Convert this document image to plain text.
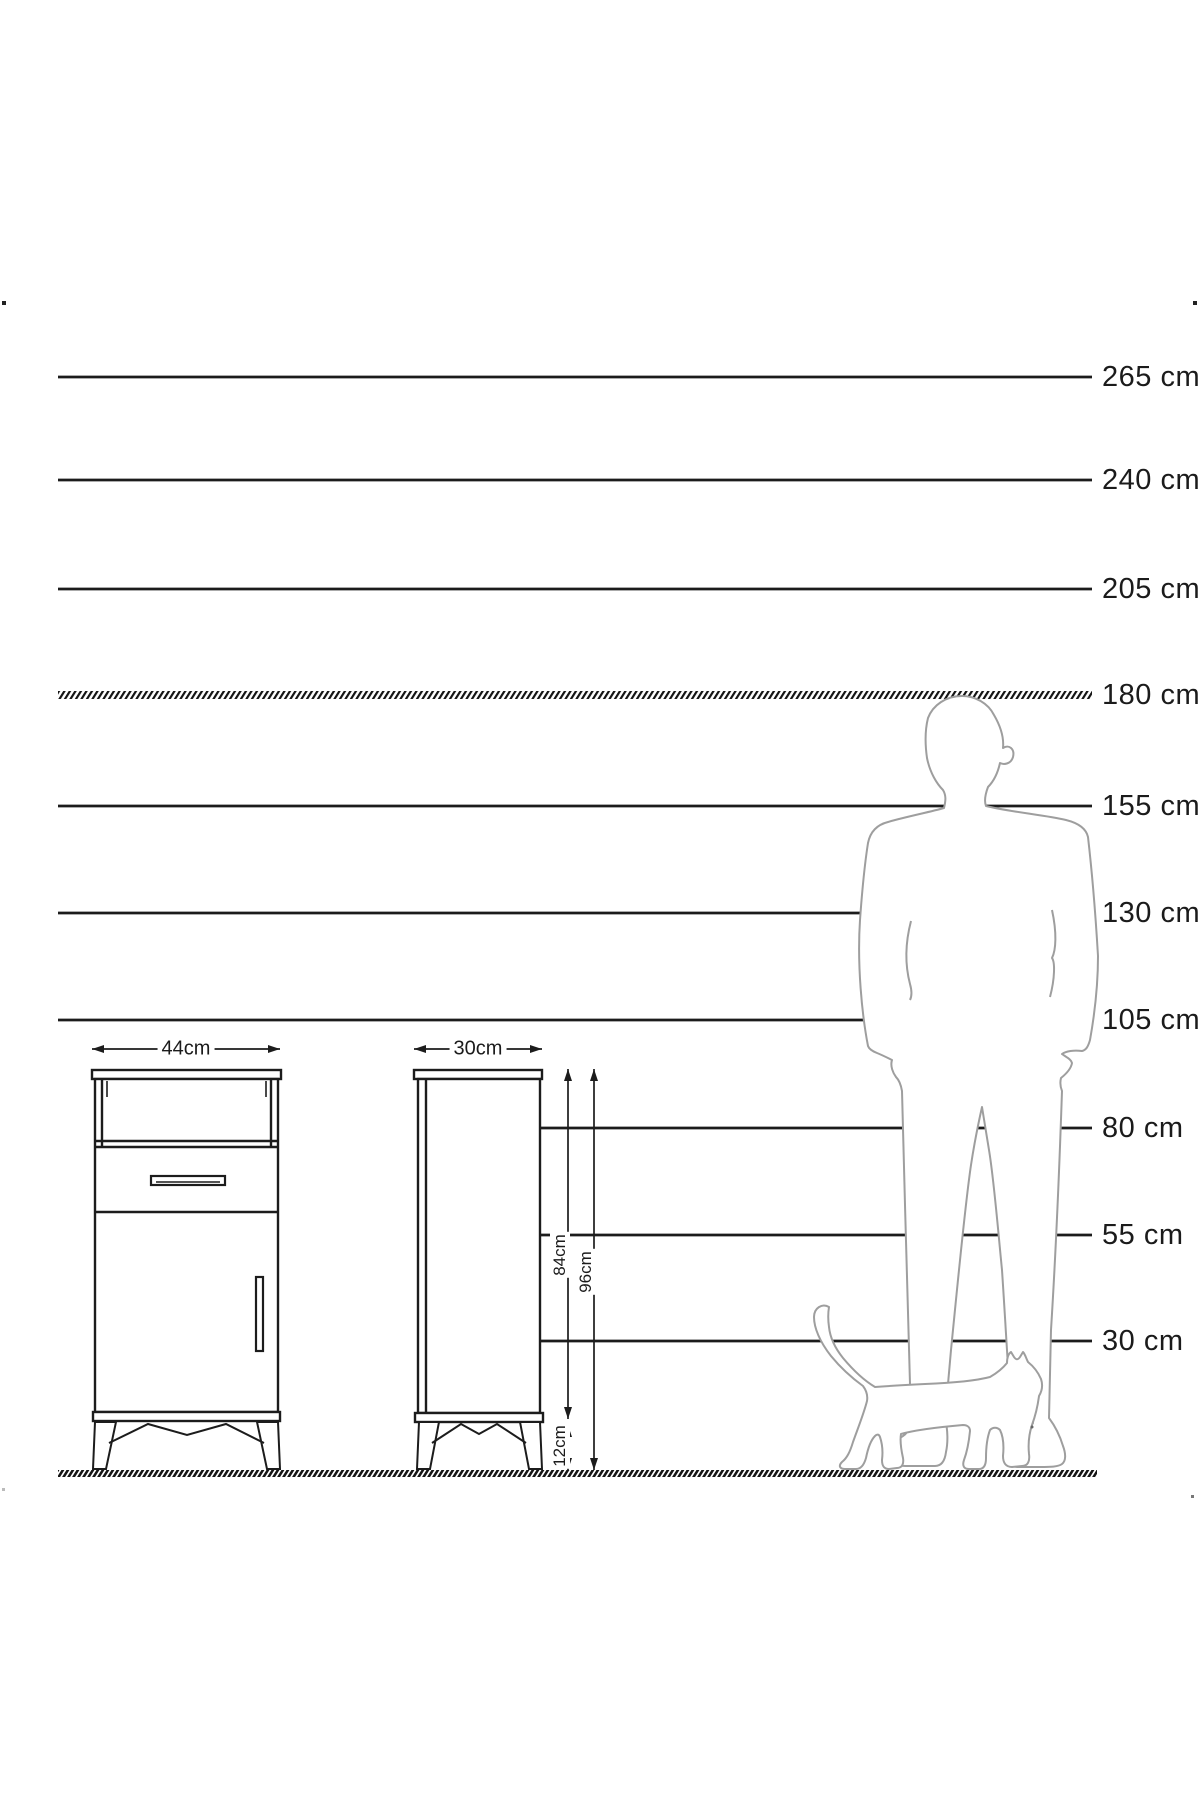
265 cm
240 cm
205 cm
180 cm
155 cm
130 cm
105 cm
80 cm
55 cm
30 cm
44cm	30cm
84cm 96cm
12cm
